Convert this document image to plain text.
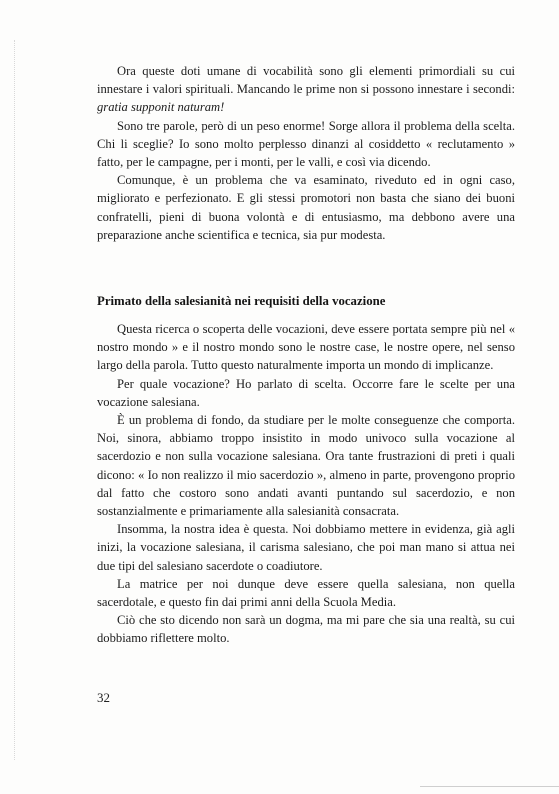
Ora queste doti umane di vocabilità sono gli elementi primordiali su cui innestare i valori spirituali. Mancando le prime non si possono innestare i secondi: gratia supponit naturam!

Sono tre parole, però di un peso enorme! Sorge allora il problema della scelta. Chi li sceglie? Io sono molto perplesso dinanzi al cosiddetto « reclutamento » fatto, per le campagne, per i monti, per le valli, e così via dicendo.

Comunque, è un problema che va esaminato, riveduto ed in ogni caso, migliorato e perfezionato. E gli stessi promotori non basta che siano dei buoni confratelli, pieni di buona volontà e di entusiasmo, ma debbono avere una preparazione anche scientifica e tecnica, sia pur modesta.

Primato della salesianità nei requisiti della vocazione

Questa ricerca o scoperta delle vocazioni, deve essere portata sempre più nel « nostro mondo » e il nostro mondo sono le nostre case, le nostre opere, nel senso largo della parola. Tutto questo naturalmente importa un mondo di implicanze.

Per quale vocazione? Ho parlato di scelta. Occorre fare le scelte per una vocazione salesiana.

È un problema di fondo, da studiare per le molte conseguenze che comporta. Noi, sinora, abbiamo troppo insistito in modo univoco sulla vocazione al sacerdozio e non sulla vocazione salesiana. Ora tante frustrazioni di preti i quali dicono: « Io non realizzo il mio sacerdozio », almeno in parte, provengono proprio dal fatto che costoro sono andati avanti puntando sul sacerdozio, e non sostanzialmente e primariamente alla salesianità consacrata.

Insomma, la nostra idea è questa. Noi dobbiamo mettere in evidenza, già agli inizi, la vocazione salesiana, il carisma salesiano, che poi man mano si attua nei due tipi del salesiano sacerdote o coadiutore.

La matrice per noi dunque deve essere quella salesiana, non quella sacerdotale, e questo fin dai primi anni della Scuola Media.

Ciò che sto dicendo non sarà un dogma, ma mi pare che sia una realtà, su cui dobbiamo riflettere molto.

32
